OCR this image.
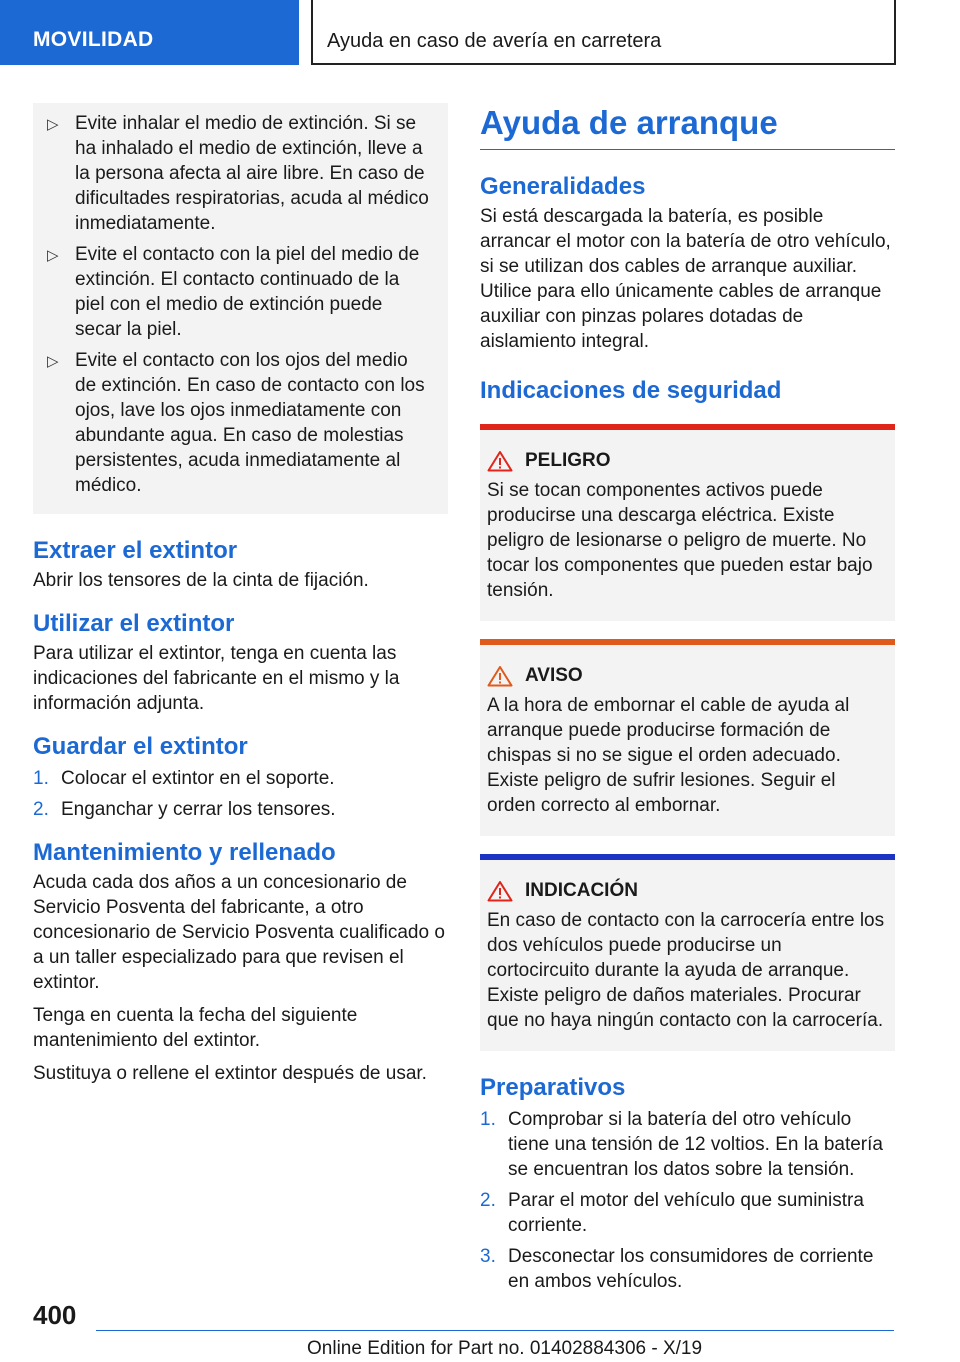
MOVILIDAD	Ayuda en caso de avería en carretera
▷ Evite inhalar el medio de extinción. Si se ha inhalado el medio de extinción, lleve a la persona afecta al aire libre. En caso de dificultades respiratorias, acuda al médico inmediatamente.
▷ Evite el contacto con la piel del medio de extinción. El contacto continuado de la piel con el medio de extinción puede secar la piel.
▷ Evite el contacto con los ojos del medio de extinción. En caso de contacto con los ojos, lave los ojos inmediatamente con abundante agua. En caso de molestias persistentes, acuda inmediatamente al médico.
Extraer el extintor

Abrir los tensores de la cinta de fijación.

Utilizar el extintor

Para utilizar el extintor, tenga en cuenta las indicaciones del fabricante en el mismo y la información adjunta.

Guardar el extintor
1. Colocar el extintor en el soporte.
2. Enganchar y cerrar los tensores.
Mantenimiento y rellenado

Acuda cada dos años a un concesionario de Servicio Posventa del fabricante, a otro concesionario de Servicio Posventa cualificado o a un taller especializado para que revisen el extintor.

Tenga en cuenta la fecha del siguiente mantenimiento del extintor.

Sustituya o rellene el extintor después de usar.

Ayuda de arranque
Generalidades

Si está descargada la batería, es posible arrancar el motor con la batería de otro vehículo, si se utilizan dos cables de arranque auxiliar. Utilice para ello únicamente cables de arranque auxiliar con pinzas polares dotadas de aislamiento integral.

Indicaciones de seguridad
PELIGRO
Si se tocan componentes activos puede producirse una descarga eléctrica. Existe peligro de lesionarse o peligro de muerte. No tocar los componentes que pueden estar bajo tensión.
AVISO
A la hora de embornar el cable de ayuda al arranque puede producirse formación de chispas si no se sigue el orden adecuado. Existe peligro de sufrir lesiones. Seguir el orden correcto al embornar.
INDICACIÓN
En caso de contacto con la carrocería entre los dos vehículos puede producirse un cortocircuito durante la ayuda de arranque. Existe peligro de daños materiales. Procurar que no haya ningún contacto con la carrocería.
Preparativos
1. Comprobar si la batería del otro vehículo tiene una tensión de 12 voltios. En la batería se encuentran los datos sobre la tensión.
2. Parar el motor del vehículo que suministra corriente.
3. Desconectar los consumidores de corriente en ambos vehículos.
400
Online Edition for Part no. 01402884306 - X/19
